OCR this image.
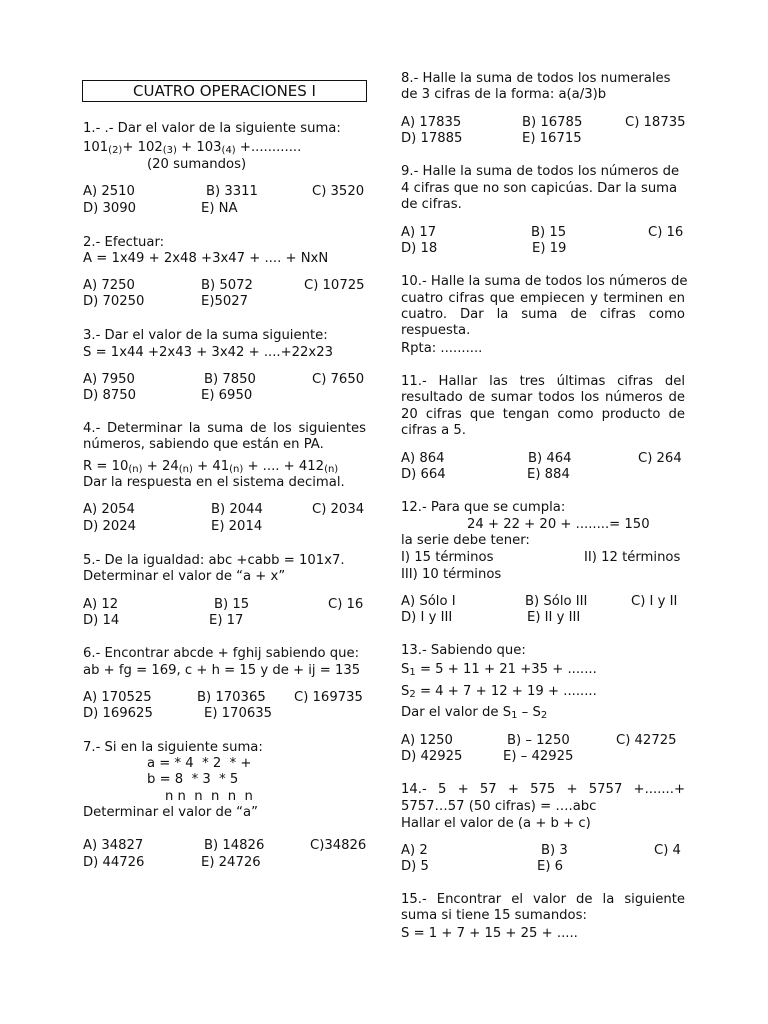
CUATRO OPERACIONES I
1.- .- Dar el valor de la siguiente suma:
$101_{(2)}+ 102_{(3)} + 103_{(4)}$ +............
(20 sumandos)
A) 2510	B) 3311	C) 3520
D) 3090	E) NA
2.- Efectuar:
A = 1x49 + 2x48 +3x47 + .... + NxN
A) 7250	B) 5072	C) 10725
D) 70250	E)5027
3.- Dar el valor de la suma siguiente:
S = 1x44 +2x43 + 3x42 + ....+22x23
A) 7950	B) 7850	C) 7650
D) 8750	E) 6950
4.- Determinar la suma de los siguientes
números, sabiendo que están en PA.
$R = 10_{(n)} + 24_{(n)} + 41_{(n)}$ + .... + $412_{(n)}$
Dar la respuesta en el sistema decimal.
A) 2054	B) 2044	C) 2034
D) 2024	E) 2014
5.- De la igualdad: abc +cabb = 101x7.
Determinar el valor de “a + x”
A) 12	B) 15	C) 16
D) 14	E) 17
6.- Encontrar abcde + fghij sabiendo que:
ab + fg = 169, c + h = 15 y de + ij = 135
A) 170525	B) 170365 C) 169735
D) 169625	E) 170635
7.- Si en la siguiente suma:
a = * 4  * 2  * +
b = 8  * 3  * 5
n n  n  n  n  n
Determinar el valor de “a”
A) 34827	B) 14826	C)34826
D) 44726	E) 24726
8.- Halle la suma de todos los numerales
de 3 cifras de la forma: a(a/3)b
A) 17835	B) 16785	C) 18735
D) 17885	E) 16715
9.- Halle la suma de todos los números de
4 cifras que no son capicúas. Dar la suma
de cifras.
A) 17	B) 15	C) 16
D) 18	E) 19
10.- Halle la suma de todos los números de
cuatro cifras que empiecen y terminen en
cuatro. Dar la suma de cifras como
respuesta.
Rpta: ..........
11.- Hallar las tres últimas cifras del
resultado de sumar todos los números de
20 cifras que tengan como producto de
cifras a 5.
A) 864	B) 464	C) 264
D) 664	E) 884
12.- Para que se cumpla:
24 + 22 + 20 + ........= 150
la serie debe tener:
I) 15 términos	II) 12 términos
III) 10 términos
A) Sólo I	B) Sólo III	C) I y II
D) I y III	E) II y III
13.- Sabiendo que:
$S_1 = 5 + 11 + 21 +35$ + .......
$S_2 = 4 + 7 + 12 + 19$ + ........
Dar el valor de $S_1 - S_2$
A) 1250	B) – 1250	C) 42725
D) 42925	E) – 42925
14.- 5 + 57 + 575 + 5757 +.......+
5757…57 (50 cifras) = ….abc
Hallar el valor de (a + b + c)
A) 2	B) 3	C) 4
D) 5	E) 6
15.- Encontrar el valor de la siguiente
suma si tiene 15 sumandos:
S = 1 + 7 + 15 + 25 + .....
